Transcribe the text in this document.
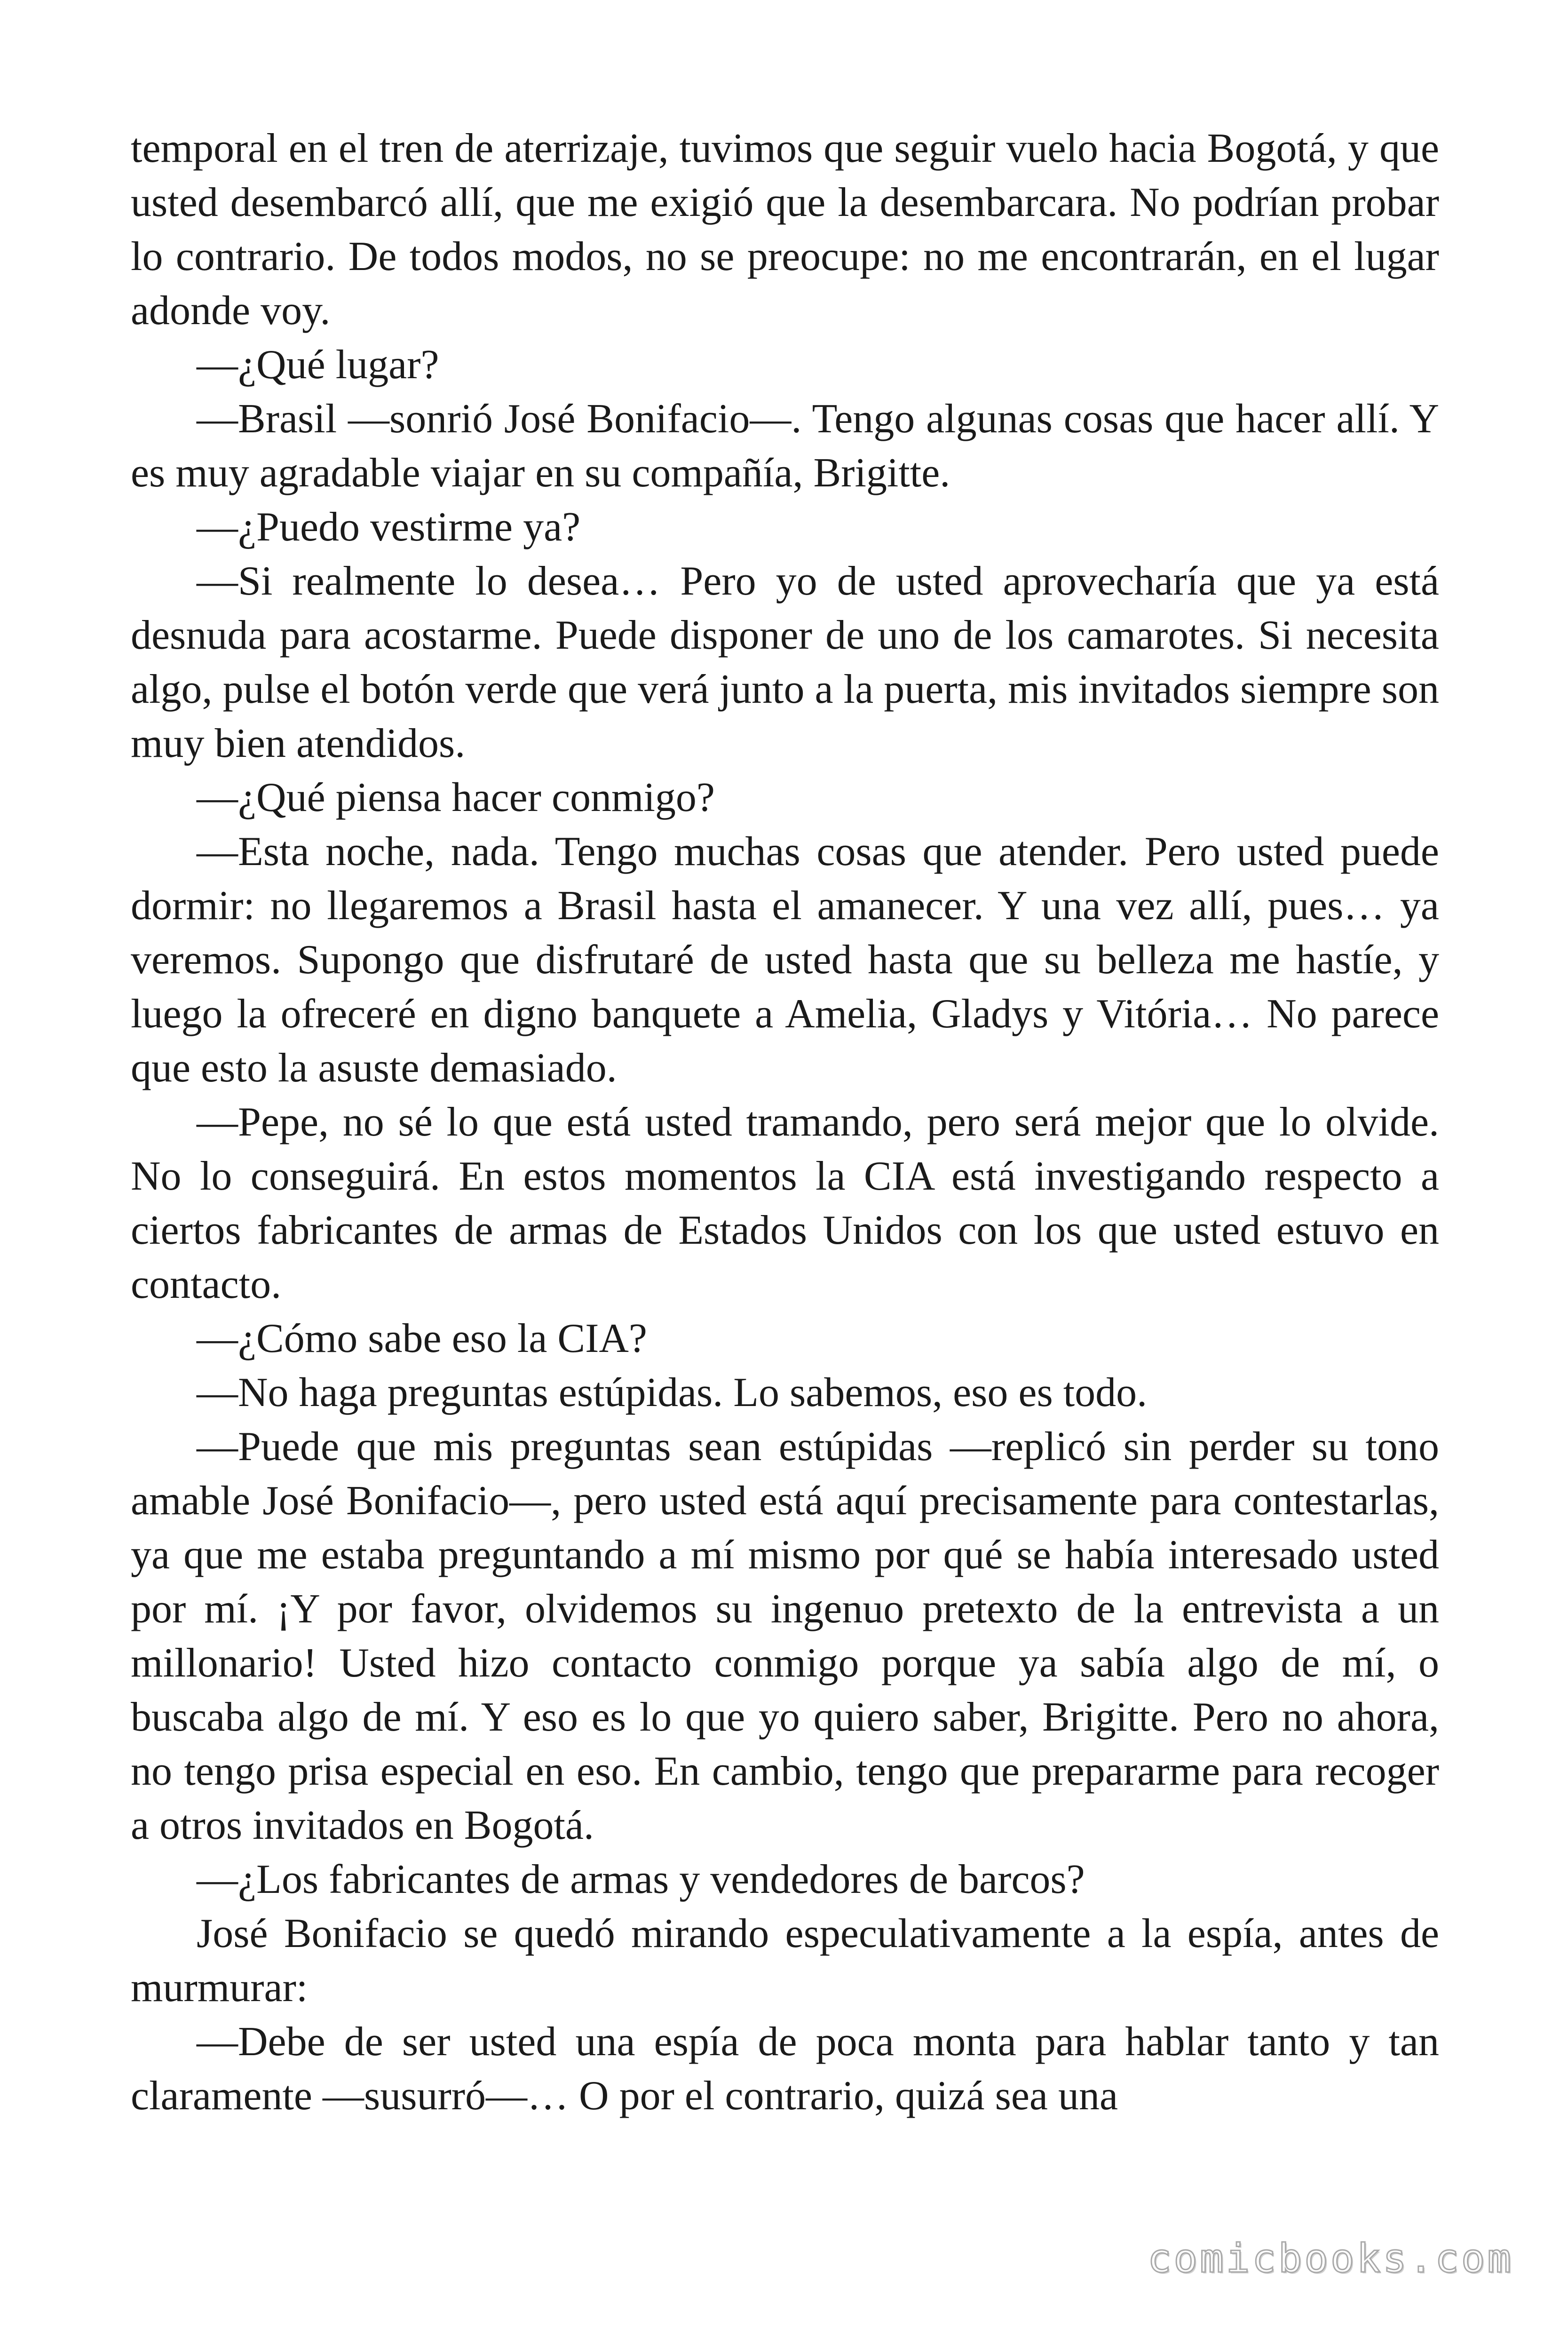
temporal en el tren de aterrizaje, tuvimos que seguir vuelo hacia Bogotá, y que usted desembarcó allí, que me exigió que la desembarcara. No podrían probar lo contrario. De todos modos, no se preocupe: no me encontrarán, en el lugar adonde voy.

—¿Qué lugar?

—Brasil —sonrió José Bonifacio—. Tengo algunas cosas que hacer allí. Y es muy agradable viajar en su compañía, Brigitte.

—¿Puedo vestirme ya?

—Si realmente lo desea… Pero yo de usted aprovecharía que ya está desnuda para acostarme. Puede disponer de uno de los camarotes. Si necesita algo, pulse el botón verde que verá junto a la puerta, mis invitados siempre son muy bien atendidos.

—¿Qué piensa hacer conmigo?

—Esta noche, nada. Tengo muchas cosas que atender. Pero usted puede dormir: no llegaremos a Brasil hasta el amanecer. Y una vez allí, pues… ya veremos. Supongo que disfrutaré de usted hasta que su belleza me hastíe, y luego la ofreceré en digno banquete a Amelia, Gladys y Vitória… No parece que esto la asuste demasiado.

—Pepe, no sé lo que está usted tramando, pero será mejor que lo olvide. No lo conseguirá. En estos momentos la CIA está investigando respecto a ciertos fabricantes de armas de Estados Unidos con los que usted estuvo en contacto.

—¿Cómo sabe eso la CIA?

—No haga preguntas estúpidas. Lo sabemos, eso es todo.

—Puede que mis preguntas sean estúpidas —replicó sin perder su tono amable José Bonifacio—, pero usted está aquí precisamente para contestarlas, ya que me estaba preguntando a mí mismo por qué se había interesado usted por mí. ¡Y por favor, olvidemos su ingenuo pretexto de la entrevista a un millonario! Usted hizo contacto conmigo porque ya sabía algo de mí, o buscaba algo de mí. Y eso es lo que yo quiero saber, Brigitte. Pero no ahora, no tengo prisa especial en eso. En cambio, tengo que prepararme para recoger a otros invitados en Bogotá.

—¿Los fabricantes de armas y vendedores de barcos?

José Bonifacio se quedó mirando especulativamente a la espía, antes de murmurar:

—Debe de ser usted una espía de poca monta para hablar tanto y tan claramente —susurró—… O por el contrario, quizá sea una

comicbooks.com
